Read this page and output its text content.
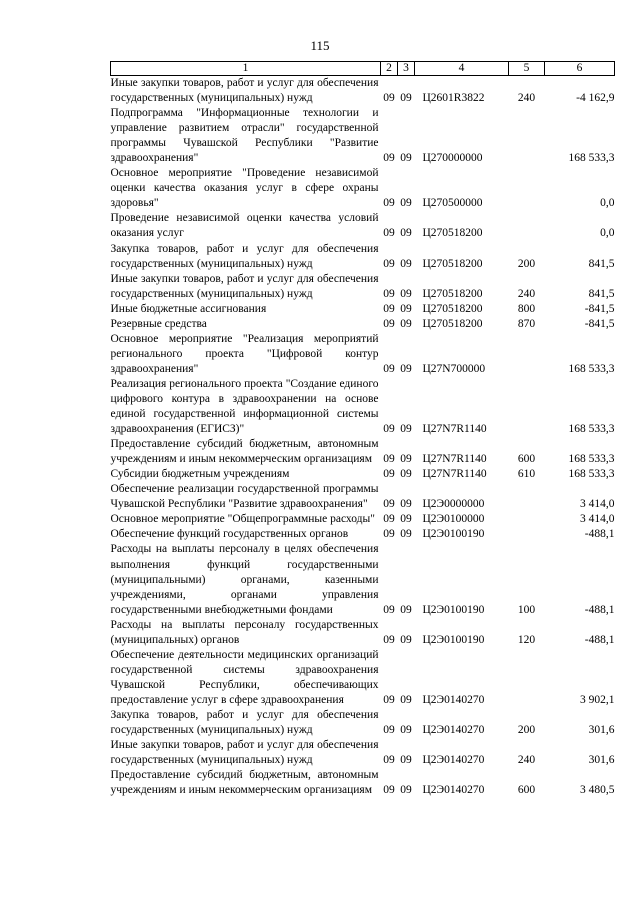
115
1	2	3	4	5	6
Иные закупки товаров, работ и услуг для обеспечения государственных (муниципальных) нужд	09	09	Ц2601R3822	240	-4 162,9
Подпрограмма "Информационные технологии и управление развитием отрасли" государственной программы Чувашской Республики "Развитие здравоохранения"	09	09	Ц270000000		168 533,3
Основное мероприятие "Проведение независимой оценки качества оказания услуг в сфере охраны здоровья"	09	09	Ц270500000		0,0
Проведение независимой оценки качества условий оказания услуг	09	09	Ц270518200		0,0
Закупка товаров, работ и услуг для обеспечения государственных (муниципальных) нужд	09	09	Ц270518200	200	841,5
Иные закупки товаров, работ и услуг для обеспечения государственных (муниципальных) нужд	09	09	Ц270518200	240	841,5
Иные бюджетные ассигнования	09	09	Ц270518200	800	-841,5
Резервные средства	09	09	Ц270518200	870	-841,5
Основное мероприятие "Реализация мероприятий регионального проекта "Цифровой контур здравоохранения"	09	09	Ц27N700000		168 533,3
Реализация регионального проекта "Создание единого цифрового контура в здравоохранении на основе единой государственной информационной системы здравоохранения (ЕГИСЗ)"	09	09	Ц27N7R1140		168 533,3
Предоставление субсидий бюджетным, автономным учреждениям и иным некоммерческим организациям	09	09	Ц27N7R1140	600	168 533,3
Субсидии бюджетным учреждениям	09	09	Ц27N7R1140	610	168 533,3
Обеспечение реализации государственной программы Чувашской Республики "Развитие здравоохранения"	09	09	Ц2Э0000000		3 414,0
Основное мероприятие "Общепрограммные расходы"	09	09	Ц2Э0100000		3 414,0
Обеспечение функций государственных органов	09	09	Ц2Э0100190		-488,1
Расходы на выплаты персоналу в целях обеспечения выполнения функций государственными (муниципальными) органами, казенными учреждениями, органами управления государственными внебюджетными фондами	09	09	Ц2Э0100190	100	-488,1
Расходы на выплаты персоналу государственных (муниципальных) органов	09	09	Ц2Э0100190	120	-488,1
Обеспечение деятельности медицинских организаций государственной системы здравоохранения Чувашской Республики, обеспечивающих предоставление услуг в сфере здравоохранения	09	09	Ц2Э0140270		3 902,1
Закупка товаров, работ и услуг для обеспечения государственных (муниципальных) нужд	09	09	Ц2Э0140270	200	301,6
Иные закупки товаров, работ и услуг для обеспечения государственных (муниципальных) нужд	09	09	Ц2Э0140270	240	301,6
Предоставление субсидий бюджетным, автономным учреждениям и иным некоммерческим организациям	09	09	Ц2Э0140270	600	3 480,5
